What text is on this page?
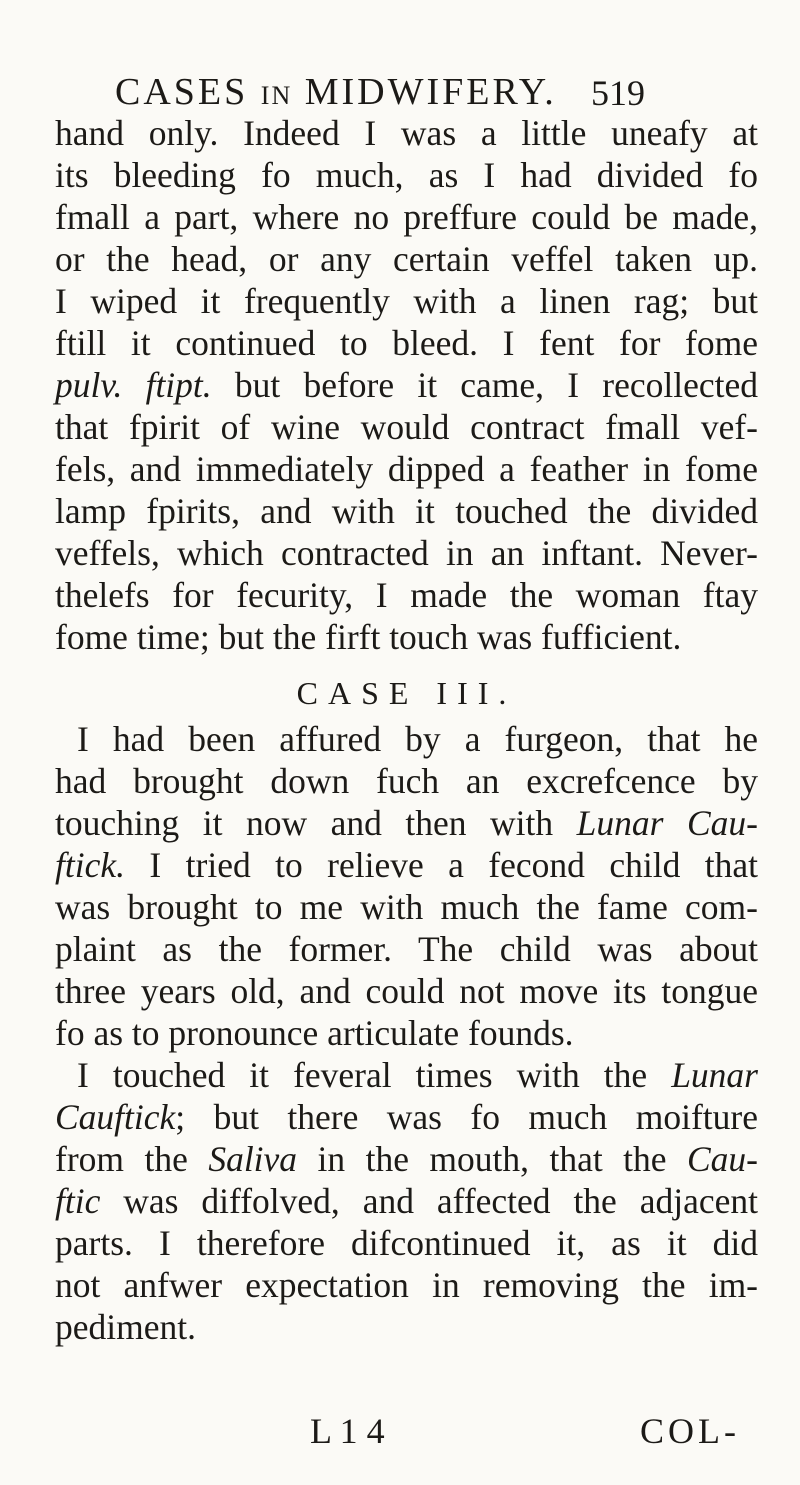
CASES IN MIDWIFERY. 519
hand only. Indeed I was a little uneafy at
its bleeding fo much, as I had divided fo
fmall a part, where no preffure could be made,
or the head, or any certain veffel taken up.
I wiped it frequently with a linen rag; but
ftill it continued to bleed. I fent for fome
pulv. ftipt. but before it came, I recollected
that fpirit of wine would contract fmall vef-
fels, and immediately dipped a feather in fome
lamp fpirits, and with it touched the divided
veffels, which contracted in an inftant. Never-
thelefs for fecurity, I made the woman ftay
fome time; but the firft touch was fufficient.
CASE III.
I had been affured by a furgeon, that he
had brought down fuch an excrefcence by
touching it now and then with Lunar Cau-
ftick. I tried to relieve a fecond child that
was brought to me with much the fame com-
plaint as the former. The child was about
three years old, and could not move its tongue
fo as to pronounce articulate founds.
I touched it feveral times with the Lunar
Cauftick; but there was fo much moifture
from the Saliva in the mouth, that the Cau-
ftic was diffolved, and affected the adjacent
parts. I therefore difcontinued it, as it did
not anfwer expectation in removing the im-
pediment.
L 1 4	COL-
